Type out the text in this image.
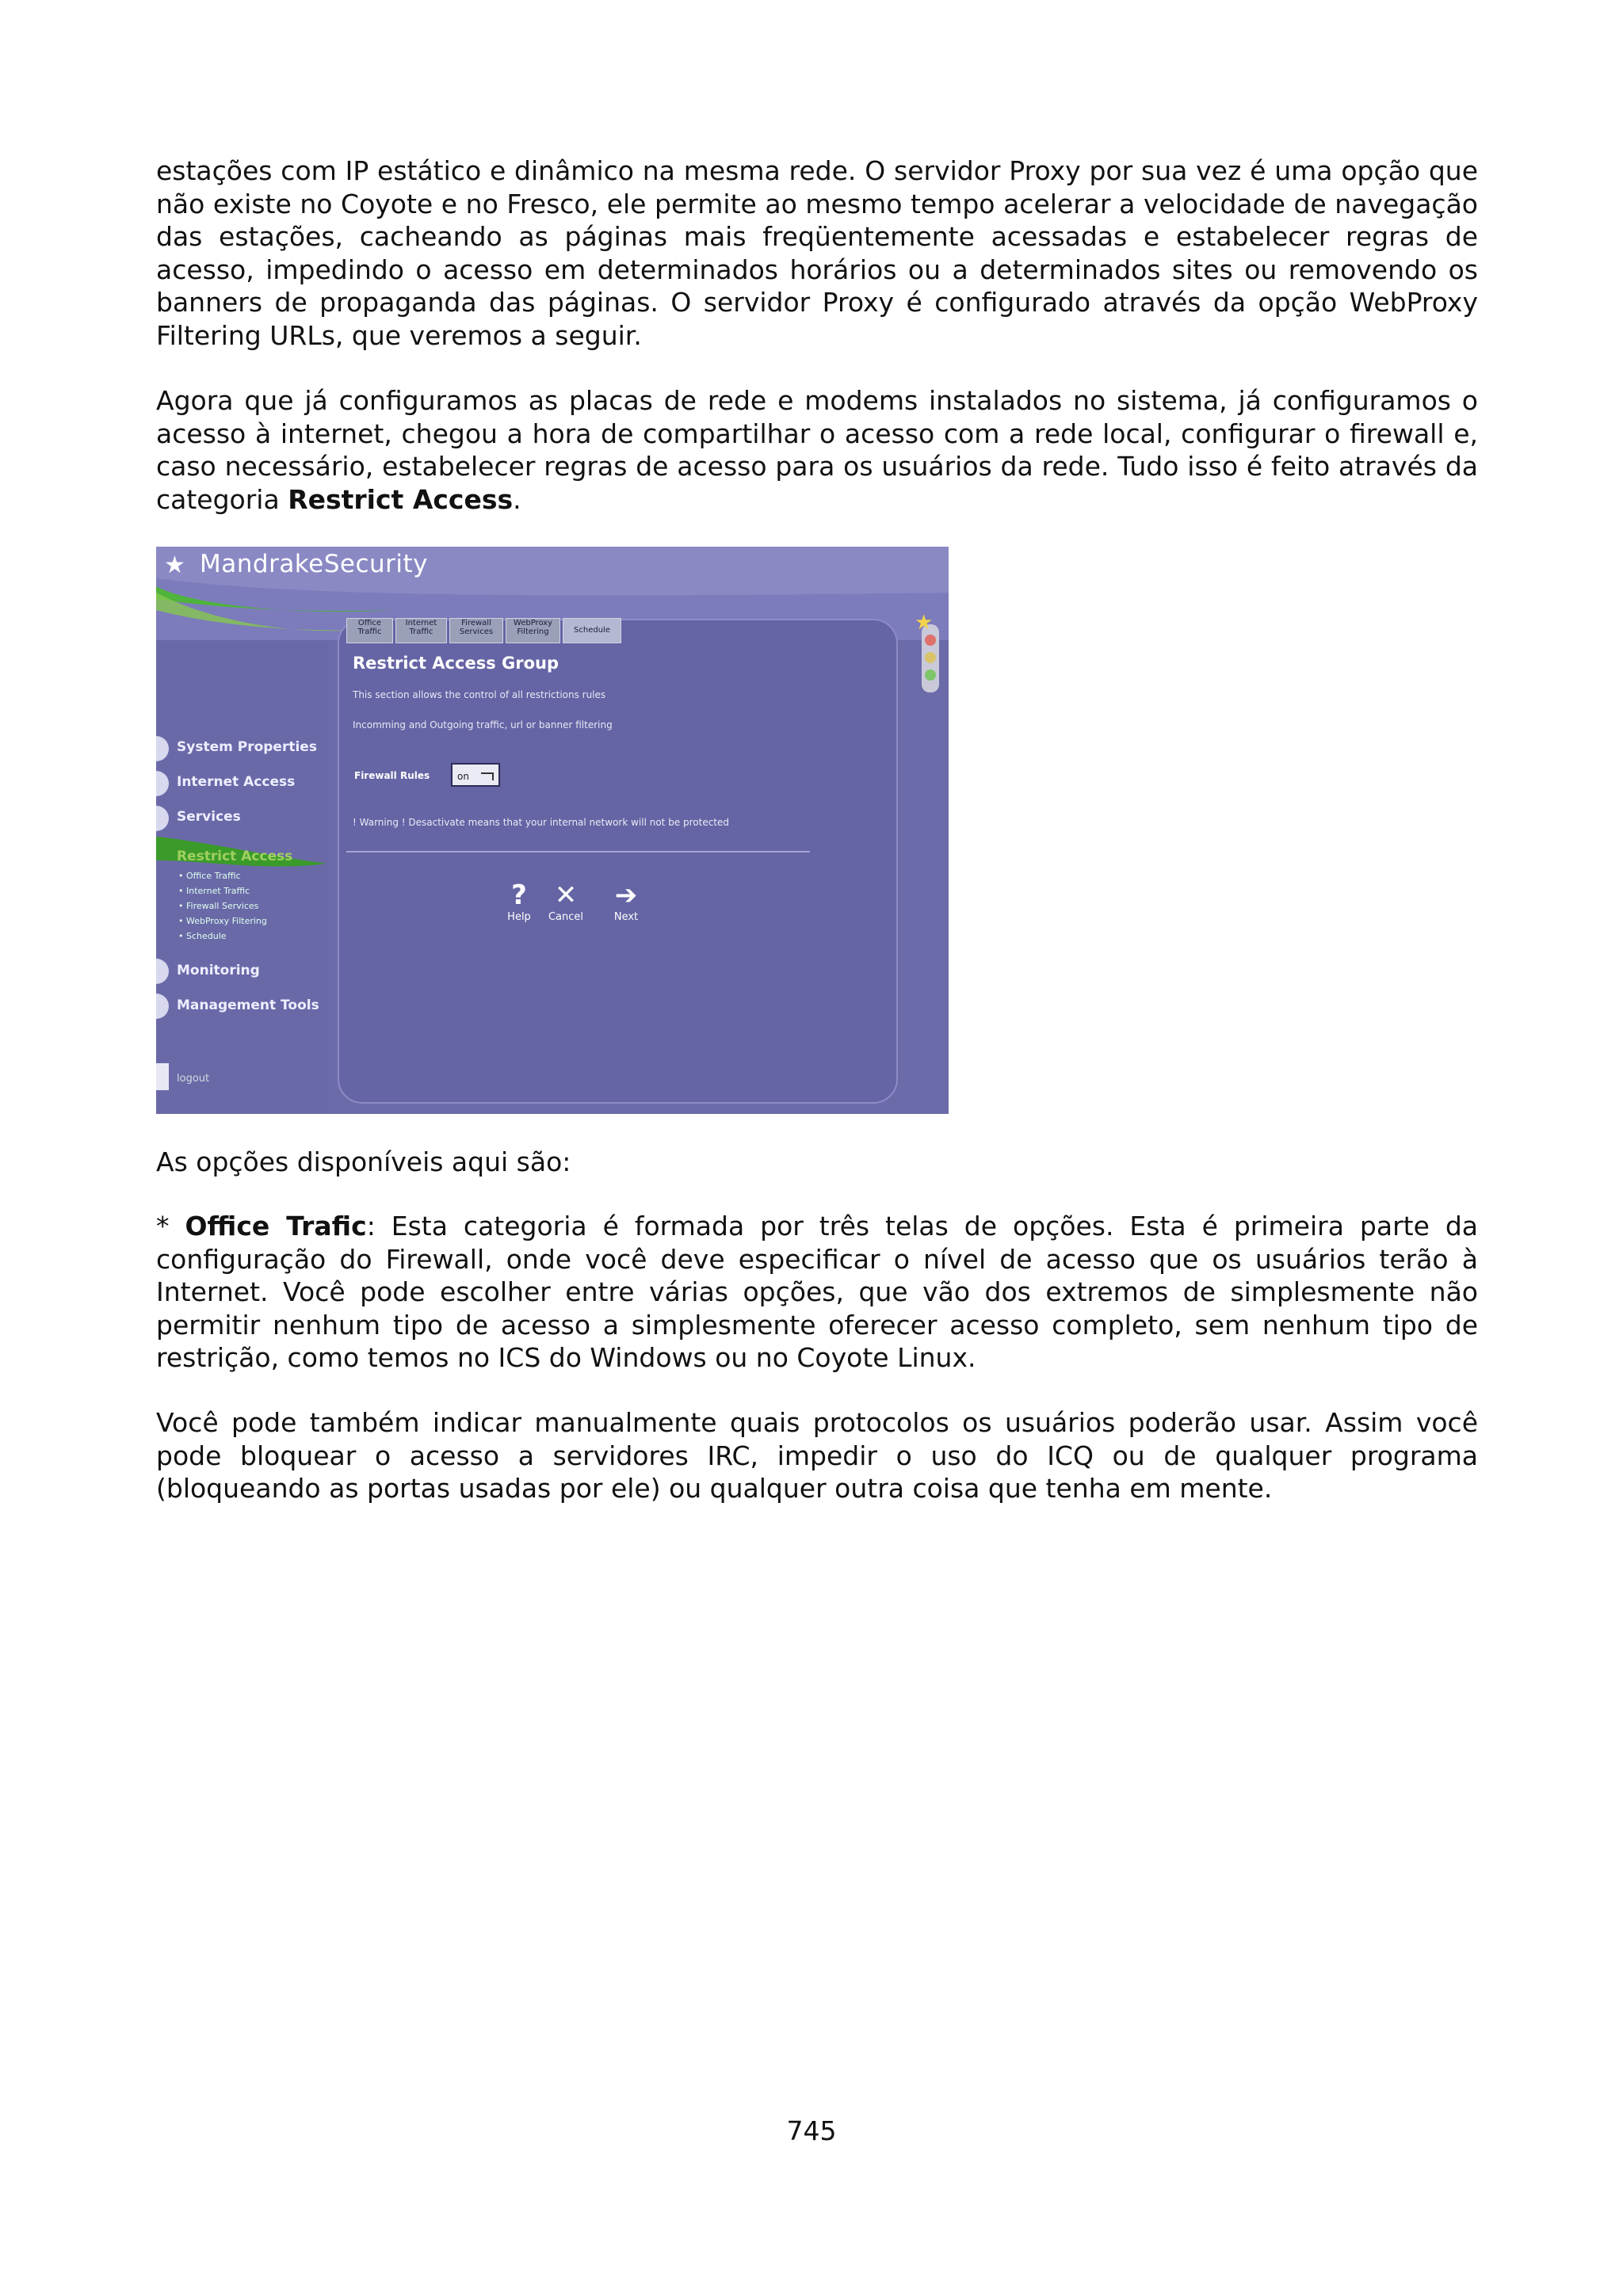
estações com IP estático e dinâmico na mesma rede. O servidor Proxy por sua vez é uma opção que não existe no Coyote e no Fresco, ele permite ao mesmo tempo acelerar a velocidade de navegação das estações, cacheando as páginas mais freqüentemente acessadas e estabelecer regras de acesso, impedindo o acesso em determinados horários ou a determinados sites ou removendo os banners de propaganda das páginas. O servidor Proxy é configurado através da opção WebProxy Filtering URLs, que veremos a seguir.

Agora que já configuramos as placas de rede e modems instalados no sistema, já configuramos o acesso à internet, chegou a hora de compartilhar o acesso com a rede local, configurar o firewall e, caso necessário, estabelecer regras de acesso para os usuários da rede. Tudo isso é feito através da categoria Restrict Access.

★
★ MandrakeSecurity
Office
Traffic
Internet
Traffic
Firewall
Services
WebProxy
Filtering	Schedule
Restrict Access Group
This section allows the control of all restrictions rules
Incomming and Outgoing traffic, url or banner filtering
Firewall Rules	on
! Warning ! Desactivate means that your internal network will not be protected
?
Help
✕
Cancel
➔
Next
System Properties
Internet Access
Services
Restrict Access
• Office Traffic
• Internet Traffic
• Firewall Services
• WebProxy Filtering
• Schedule
Monitoring
Management Tools
logout

As opções disponíveis aqui são:

* Office Trafic: Esta categoria é formada por três telas de opções. Esta é primeira parte da configuração do Firewall, onde você deve especificar o nível de acesso que os usuários terão à Internet. Você pode escolher entre várias opções, que vão dos extremos de simplesmente não permitir nenhum tipo de acesso a simplesmente oferecer acesso completo, sem nenhum tipo de restrição, como temos no ICS do Windows ou no Coyote Linux.

Você pode também indicar manualmente quais protocolos os usuários poderão usar. Assim você pode bloquear o acesso a servidores IRC, impedir o uso do ICQ ou de qualquer programa (bloqueando as portas usadas por ele) ou qualquer outra coisa que tenha em mente.

745
